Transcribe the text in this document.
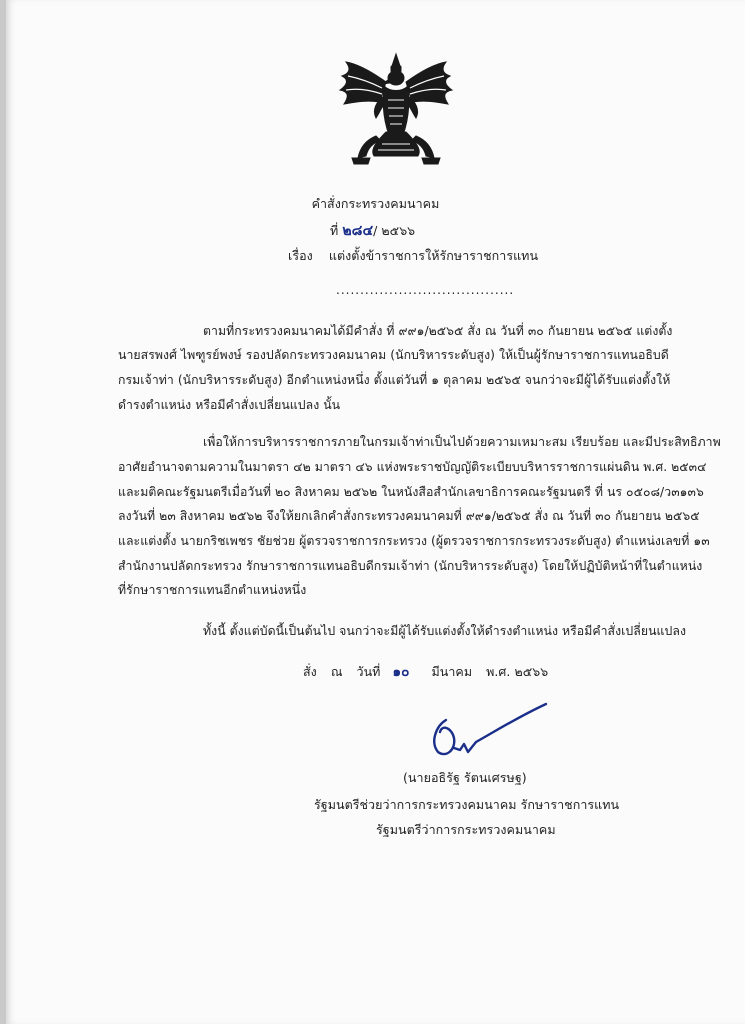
คำสั่งกระทรวงคมนาคม
ที่ ๒๘๔/ ๒๕๖๖
เรื่อง แต่งตั้งข้าราชการให้รักษาราชการแทน
.....................................
ตามที่กระทรวงคมนาคมได้มีคำสั่ง ที่ ๙๙๑/๒๕๖๕ สั่ง ณ วันที่ ๓๐ กันยายน ๒๕๖๕ แต่งตั้ง
นายสรพงศ์ ไพฑูรย์พงษ์ รองปลัดกระทรวงคมนาคม (นักบริหารระดับสูง) ให้เป็นผู้รักษาราชการแทนอธิบดี
กรมเจ้าท่า (นักบริหารระดับสูง) อีกตำแหน่งหนึ่ง ตั้งแต่วันที่ ๑ ตุลาคม ๒๕๖๕ จนกว่าจะมีผู้ได้รับแต่งตั้งให้
ดำรงตำแหน่ง หรือมีคำสั่งเปลี่ยนแปลง นั้น
เพื่อให้การบริหารราชการภายในกรมเจ้าท่าเป็นไปด้วยความเหมาะสม เรียบร้อย และมีประสิทธิภาพ
อาศัยอำนาจตามความในมาตรา ๔๒ มาตรา ๔๖ แห่งพระราชบัญญัติระเบียบบริหารราชการแผ่นดิน พ.ศ. ๒๕๓๔
และมติคณะรัฐมนตรีเมื่อวันที่ ๒๐ สิงหาคม ๒๕๖๒ ในหนังสือสำนักเลขาธิการคณะรัฐมนตรี ที่ นร ๐๕๐๘/ว๓๑๓๖
ลงวันที่ ๒๓ สิงหาคม ๒๕๖๒ จึงให้ยกเลิกคำสั่งกระทรวงคมนาคมที่ ๙๙๑/๒๕๖๕ สั่ง ณ วันที่ ๓๐ กันยายน ๒๕๖๕
และแต่งตั้ง นายกริชเพชร ชัยช่วย ผู้ตรวจราชการกระทรวง (ผู้ตรวจราชการกระทรวงระดับสูง) ตำแหน่งเลขที่ ๑๓
สำนักงานปลัดกระทรวง รักษาราชการแทนอธิบดีกรมเจ้าท่า (นักบริหารระดับสูง) โดยให้ปฏิบัติหน้าที่ในตำแหน่ง
ที่รักษาราชการแทนอีกตำแหน่งหนึ่ง
ทั้งนี้ ตั้งแต่บัดนี้เป็นต้นไป จนกว่าจะมีผู้ได้รับแต่งตั้งให้ดำรงตำแหน่ง หรือมีคำสั่งเปลี่ยนแปลง
สั่ง ณ วันที่ ๑๐ มีนาคม พ.ศ. ๒๕๖๖
(นายอธิรัฐ รัตนเศรษฐ)
รัฐมนตรีช่วยว่าการกระทรวงคมนาคม รักษาราชการแทน
รัฐมนตรีว่าการกระทรวงคมนาคม
